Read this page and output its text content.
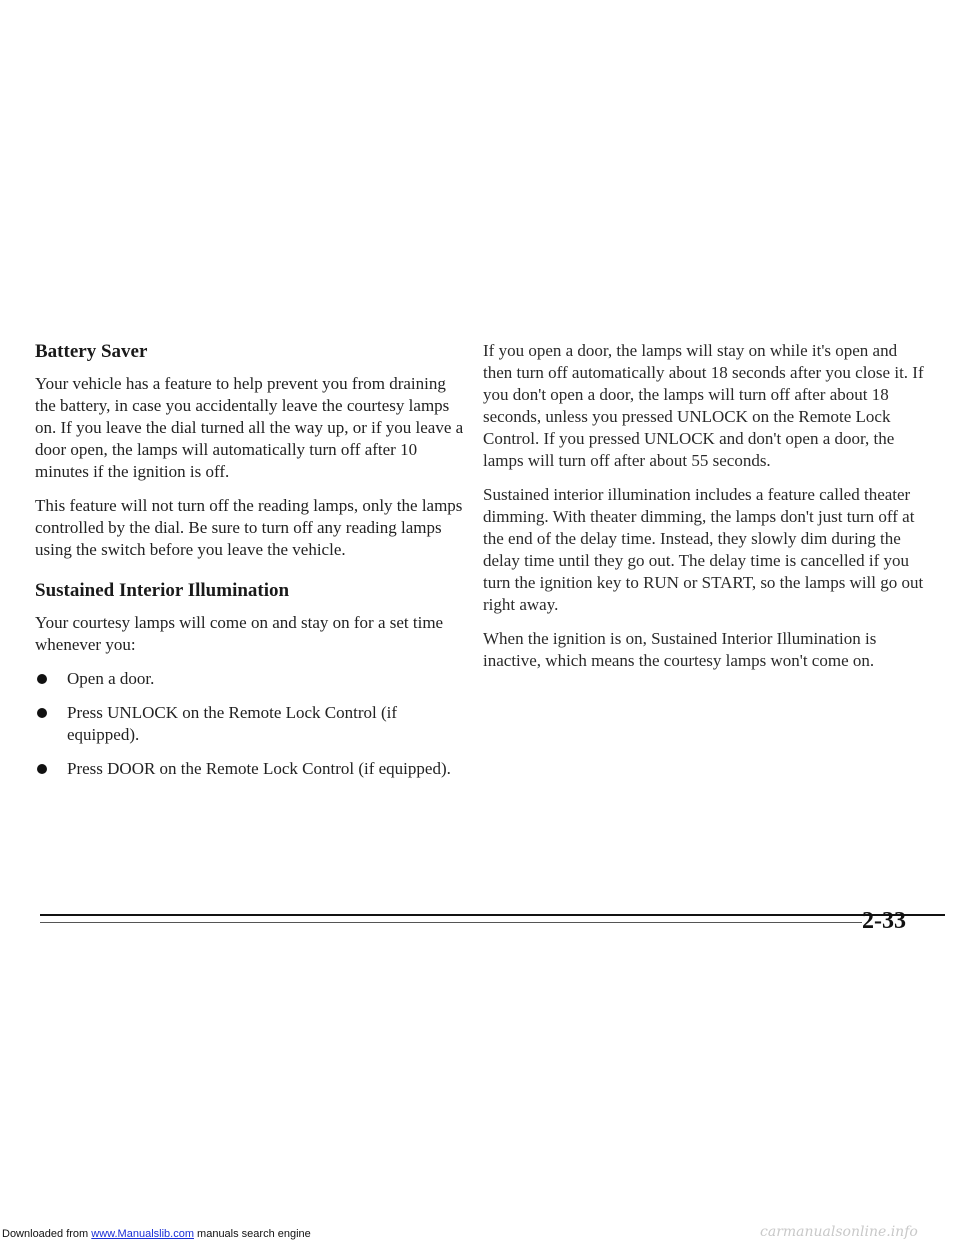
Battery Saver

Your vehicle has a feature to help prevent you from draining the battery, in case you accidentally leave the courtesy lamps on. If you leave the dial turned all the way up, or if you leave a door open, the lamps will automatically turn off after 10 minutes if the ignition is off.

This feature will not turn off the reading lamps, only the lamps controlled by the dial. Be sure to turn off any reading lamps using the switch before you leave the vehicle.

Sustained Interior Illumination

Your courtesy lamps will come on and stay on for a set time whenever you:

Open a door.
Press UNLOCK on the Remote Lock Control (if equipped).
Press DOOR on the Remote Lock Control (if equipped).

If you open a door, the lamps will stay on while it's open and then turn off automatically about 18 seconds after you close it. If you don't open a door, the lamps will turn off after about 18 seconds, unless you pressed UNLOCK on the Remote Lock Control. If you pressed UNLOCK and don't open a door, the lamps will turn off after about 55 seconds.

Sustained interior illumination includes a feature called theater dimming. With theater dimming, the lamps don't just turn off at the end of the delay time. Instead, they slowly dim during the delay time until they go out. The delay time is cancelled if you turn the ignition key to RUN or START, so the lamps will go out right away.

When the ignition is on, Sustained Interior Illumination is inactive, which means the courtesy lamps won't come on.

2-33
Downloaded from www.Manualslib.com manuals search engine	carmanualsonline.info
